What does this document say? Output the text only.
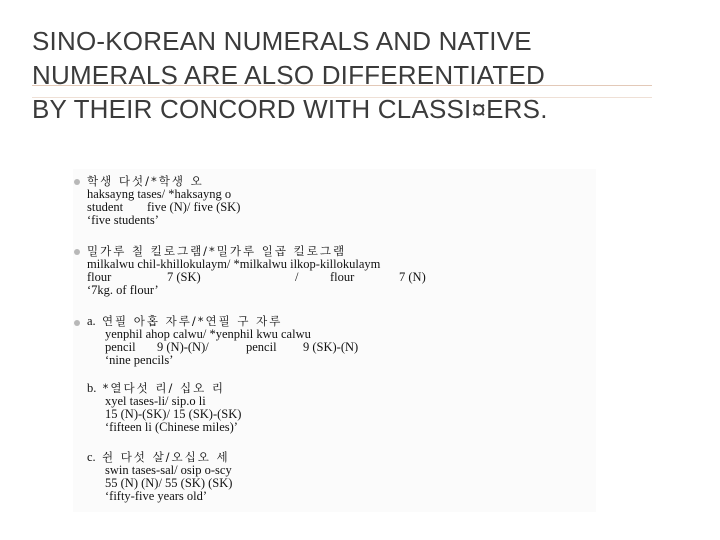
SINO-KOREAN NUMERALS AND NATIVE
NUMERALS ARE ALSO DIFFERENTIATED
BY THEIR CONCORD WITH CLASSI¤ERS.
학생 다섯/*학생 오
haksayng tases/ *haksayng o
student five (N)/ five (SK)
‘five students’
밀가루 칠 킬로그램/*밀가루 일곱 킬로그램
milkalwu chil-khillokulaym/ *milkalwu ilkop-killokulaym
flour	7 (SK)	/	flour	7 (N)
‘7kg. of flour’
a. 연필 아홉 자루/*연필 구 자루
yenphil ahop calwu/ *yenphil kwu calwu
pencil 9 (N)-(N)/	pencil 9 (SK)-(N)
‘nine pencils’
b. *열다섯 리/ 십오 리
xyel tases-li/ sip.o li
15 (N)-(SK)/ 15 (SK)-(SK)
‘fifteen li (Chinese miles)’
c. 쉰 다섯 살/오십오 세
swin tases-sal/ osip o-scy
55 (N) (N)/ 55 (SK) (SK)
‘fifty-five years old’
